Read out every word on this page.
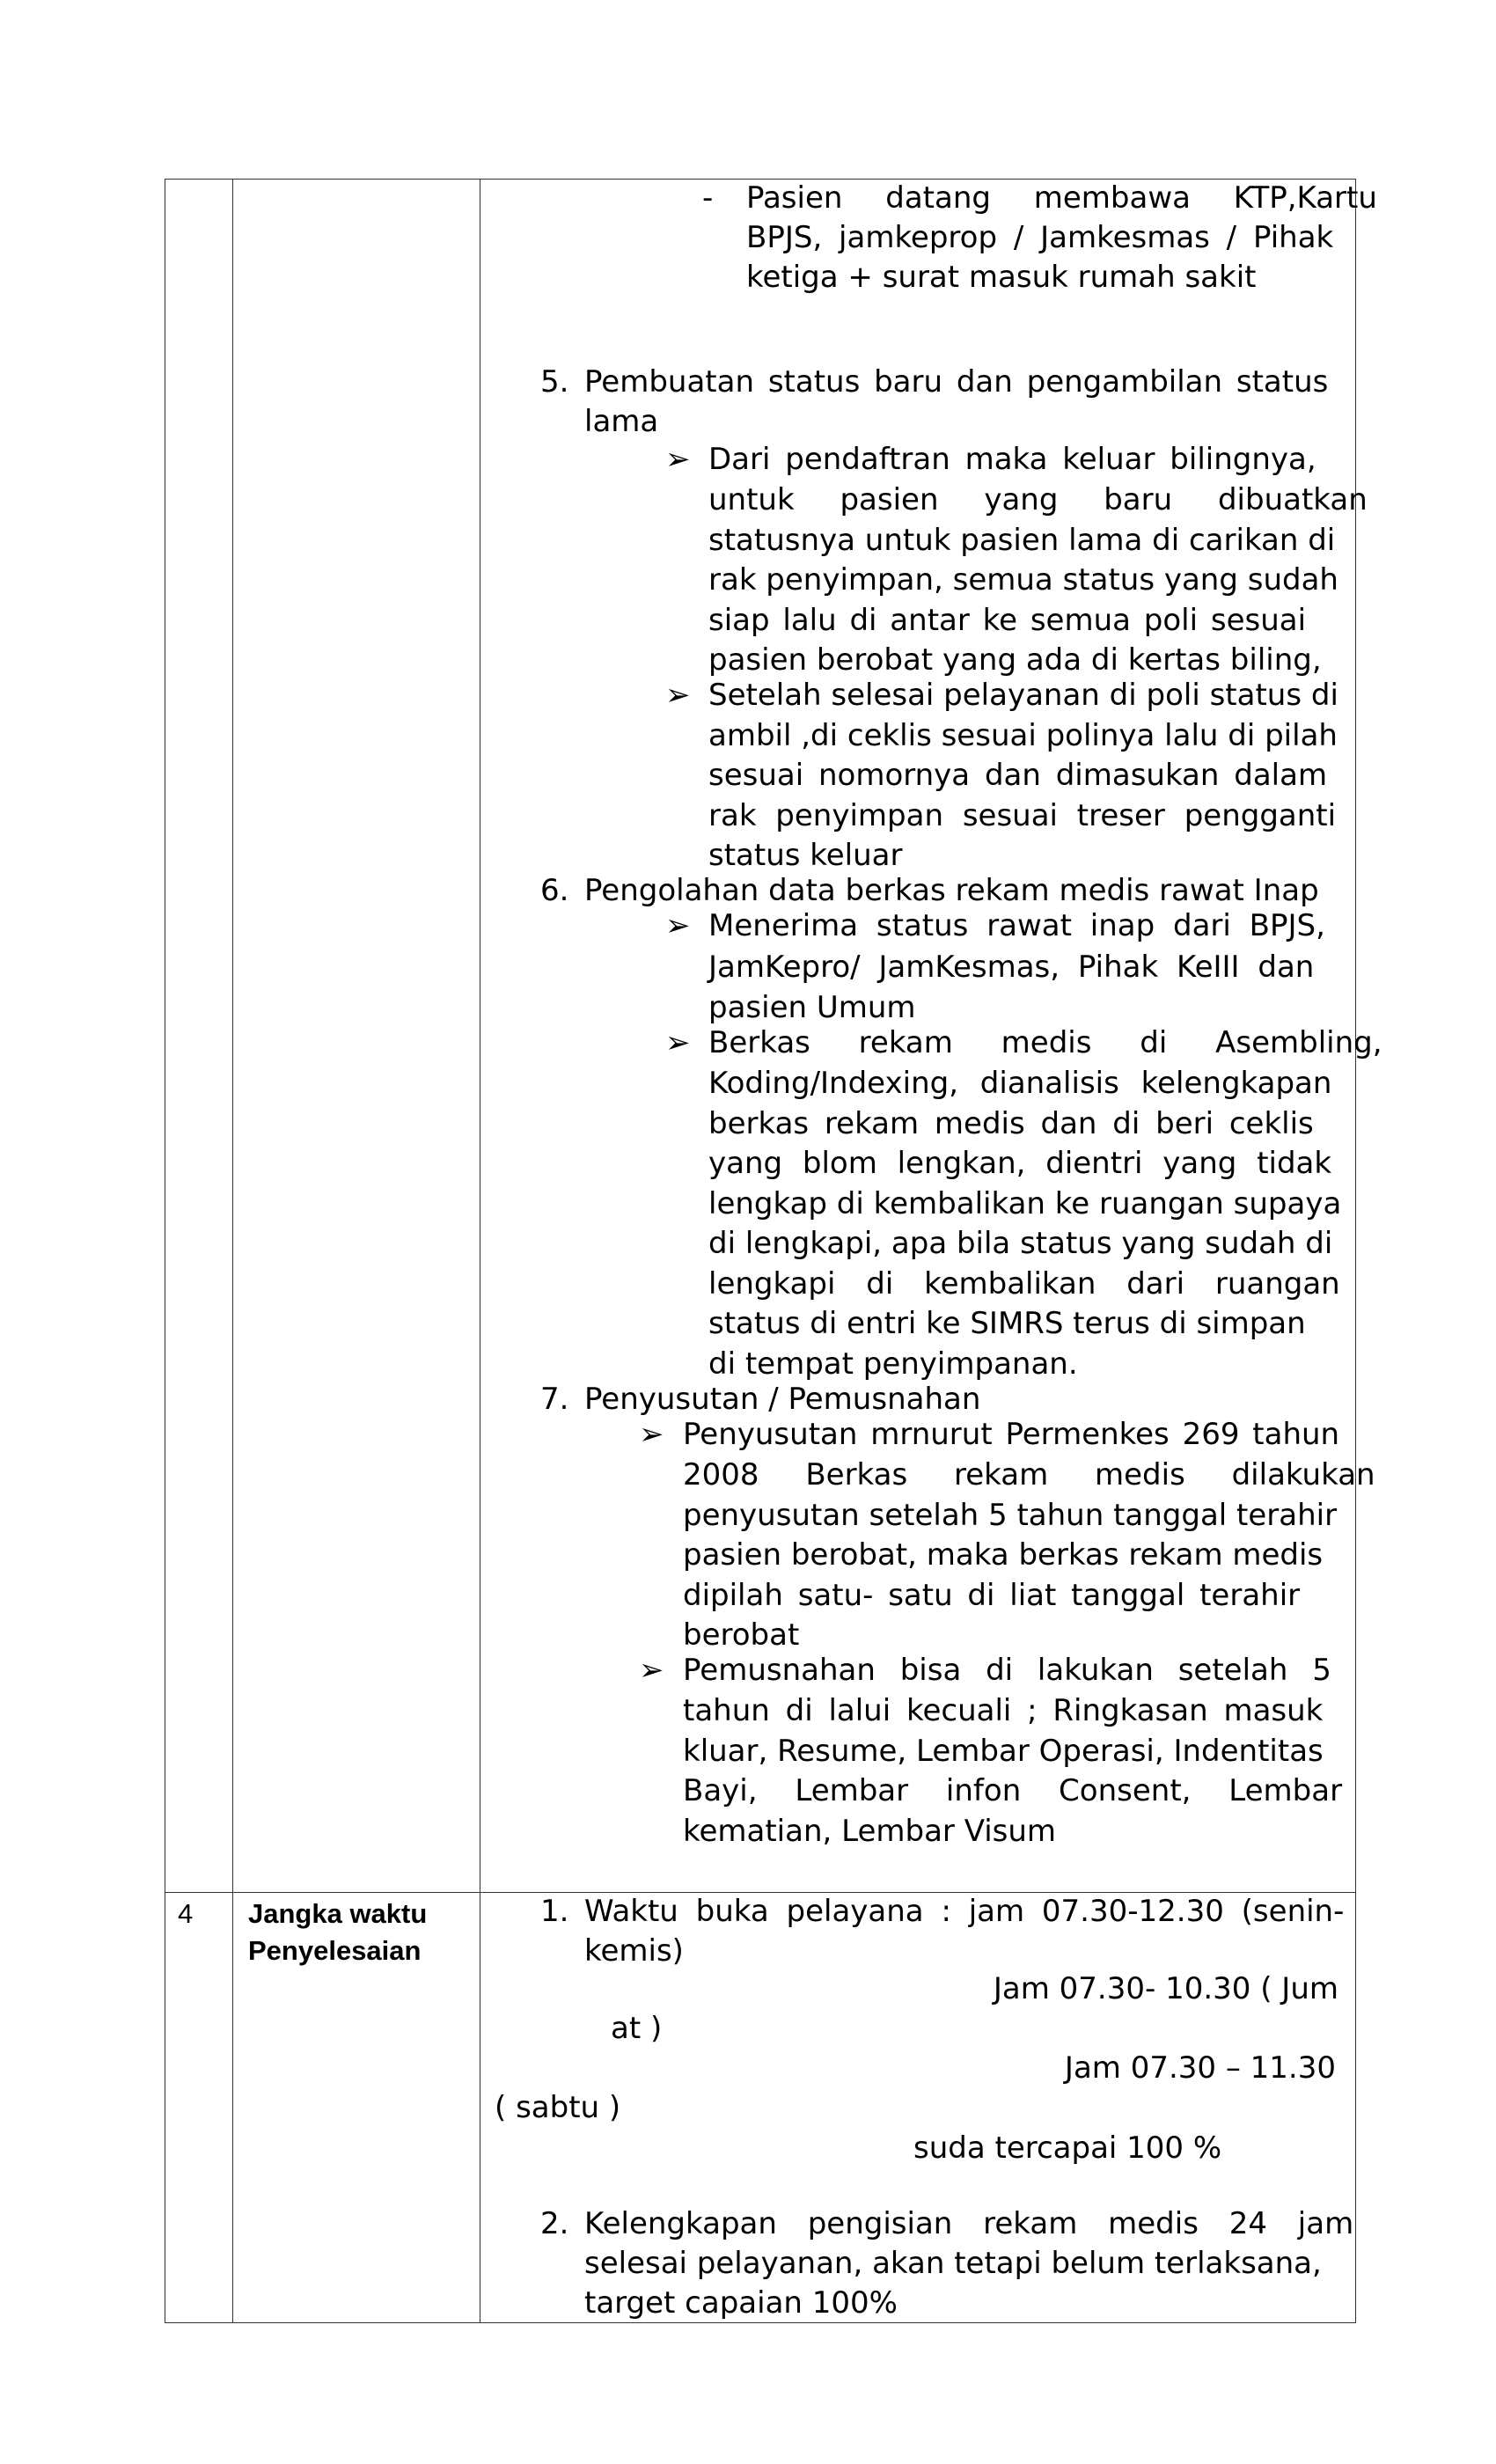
- Pasien datang membawa KTP,Kartu
BPJS, jamkeprop / Jamkesmas / Pihak
ketiga + surat masuk rumah sakit
5. Pembuatan status baru dan pengambilan status
lama
➢ Dari pendaftran maka keluar bilingnya,
untuk pasien yang baru dibuatkan
statusnya untuk pasien lama di carikan di
rak penyimpan, semua status yang sudah
siap lalu di antar ke semua poli sesuai
pasien berobat yang ada di kertas biling,
➢ Setelah selesai pelayanan di poli status di
ambil ,di ceklis sesuai polinya lalu di pilah
sesuai nomornya dan dimasukan dalam
rak penyimpan sesuai treser pengganti
status keluar
6. Pengolahan data berkas rekam medis rawat Inap
➢ Menerima status rawat inap dari BPJS,
JamKepro/ JamKesmas, Pihak KeIII dan
pasien Umum
➢ Berkas rekam medis di Asembling,
Koding/Indexing, dianalisis kelengkapan
berkas rekam medis dan di beri ceklis
yang blom lengkan, dientri yang tidak
lengkap di kembalikan ke ruangan supaya
di lengkapi, apa bila status yang sudah di
lengkapi di kembalikan dari ruangan
status di entri ke SIMRS terus di simpan
di tempat penyimpanan.
7. Penyusutan / Pemusnahan
➢ Penyusutan mrnurut Permenkes 269 tahun
2008 Berkas rekam medis dilakukan
penyusutan setelah 5 tahun tanggal terahir
pasien berobat, maka berkas rekam medis
dipilah satu- satu di liat tanggal terahir
berobat
➢ Pemusnahan bisa di lakukan setelah 5
tahun di lalui kecuali ; Ringkasan masuk
kluar, Resume, Lembar Operasi, Indentitas
Bayi, Lembar infon Consent, Lembar
kematian, Lembar Visum
4 Jangka waktu
Penyelesaian
1. Waktu buka pelayana : jam 07.30-12.30 (senin-
kemis)
Jam 07.30- 10.30 ( Jum
at )
Jam 07.30 – 11.30
( sabtu )
suda tercapai 100 %
2. Kelengkapan pengisian rekam medis 24 jam
selesai pelayanan, akan tetapi belum terlaksana,
target capaian 100%
